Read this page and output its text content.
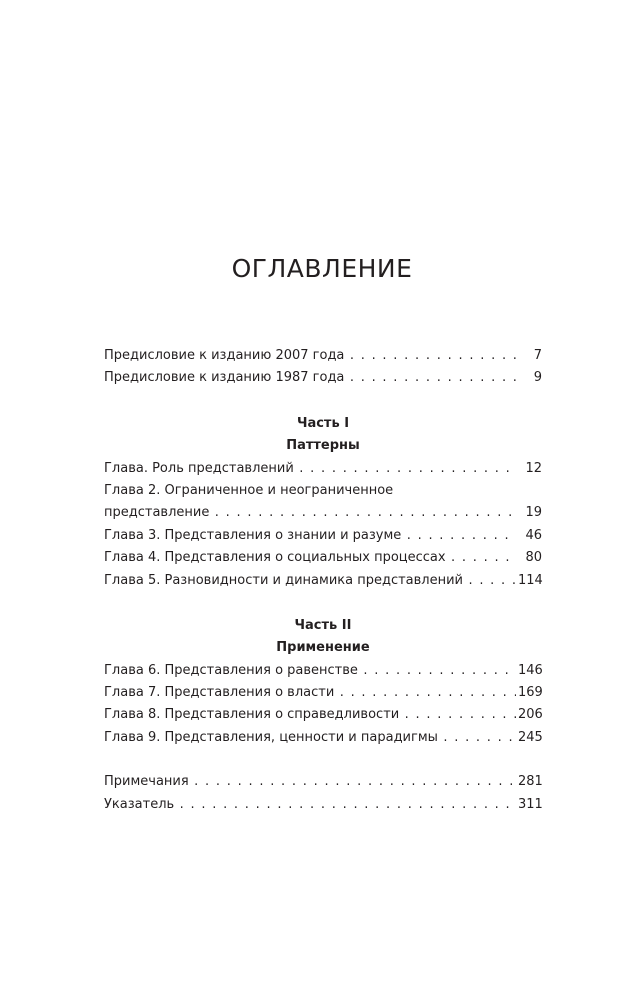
ОГЛАВЛЕНИЕ
Предисловие к изданию 2007 года . . .	7
Предисловие к изданию 1987 года . . .	9
Часть I
Паттерны
Глава. Роль представлений . . .	12
Глава 2. Ограниченное и неограниченное
представление . . .	19
Глава 3. Представления о знании и разуме . . .	46
Глава 4. Представления о социальных процессах . . .	80
Глава 5. Разновидности и динамика представлений . . .	114
Часть II
Применение
Глава 6. Представления о равенстве . . .	146
Глава 7. Представления о власти . . .	169
Глава 8. Представления о справедливости . . .	206
Глава 9. Представления, ценности и парадигмы . . .	245
Примечания . . .	281
Указатель . . .	311
